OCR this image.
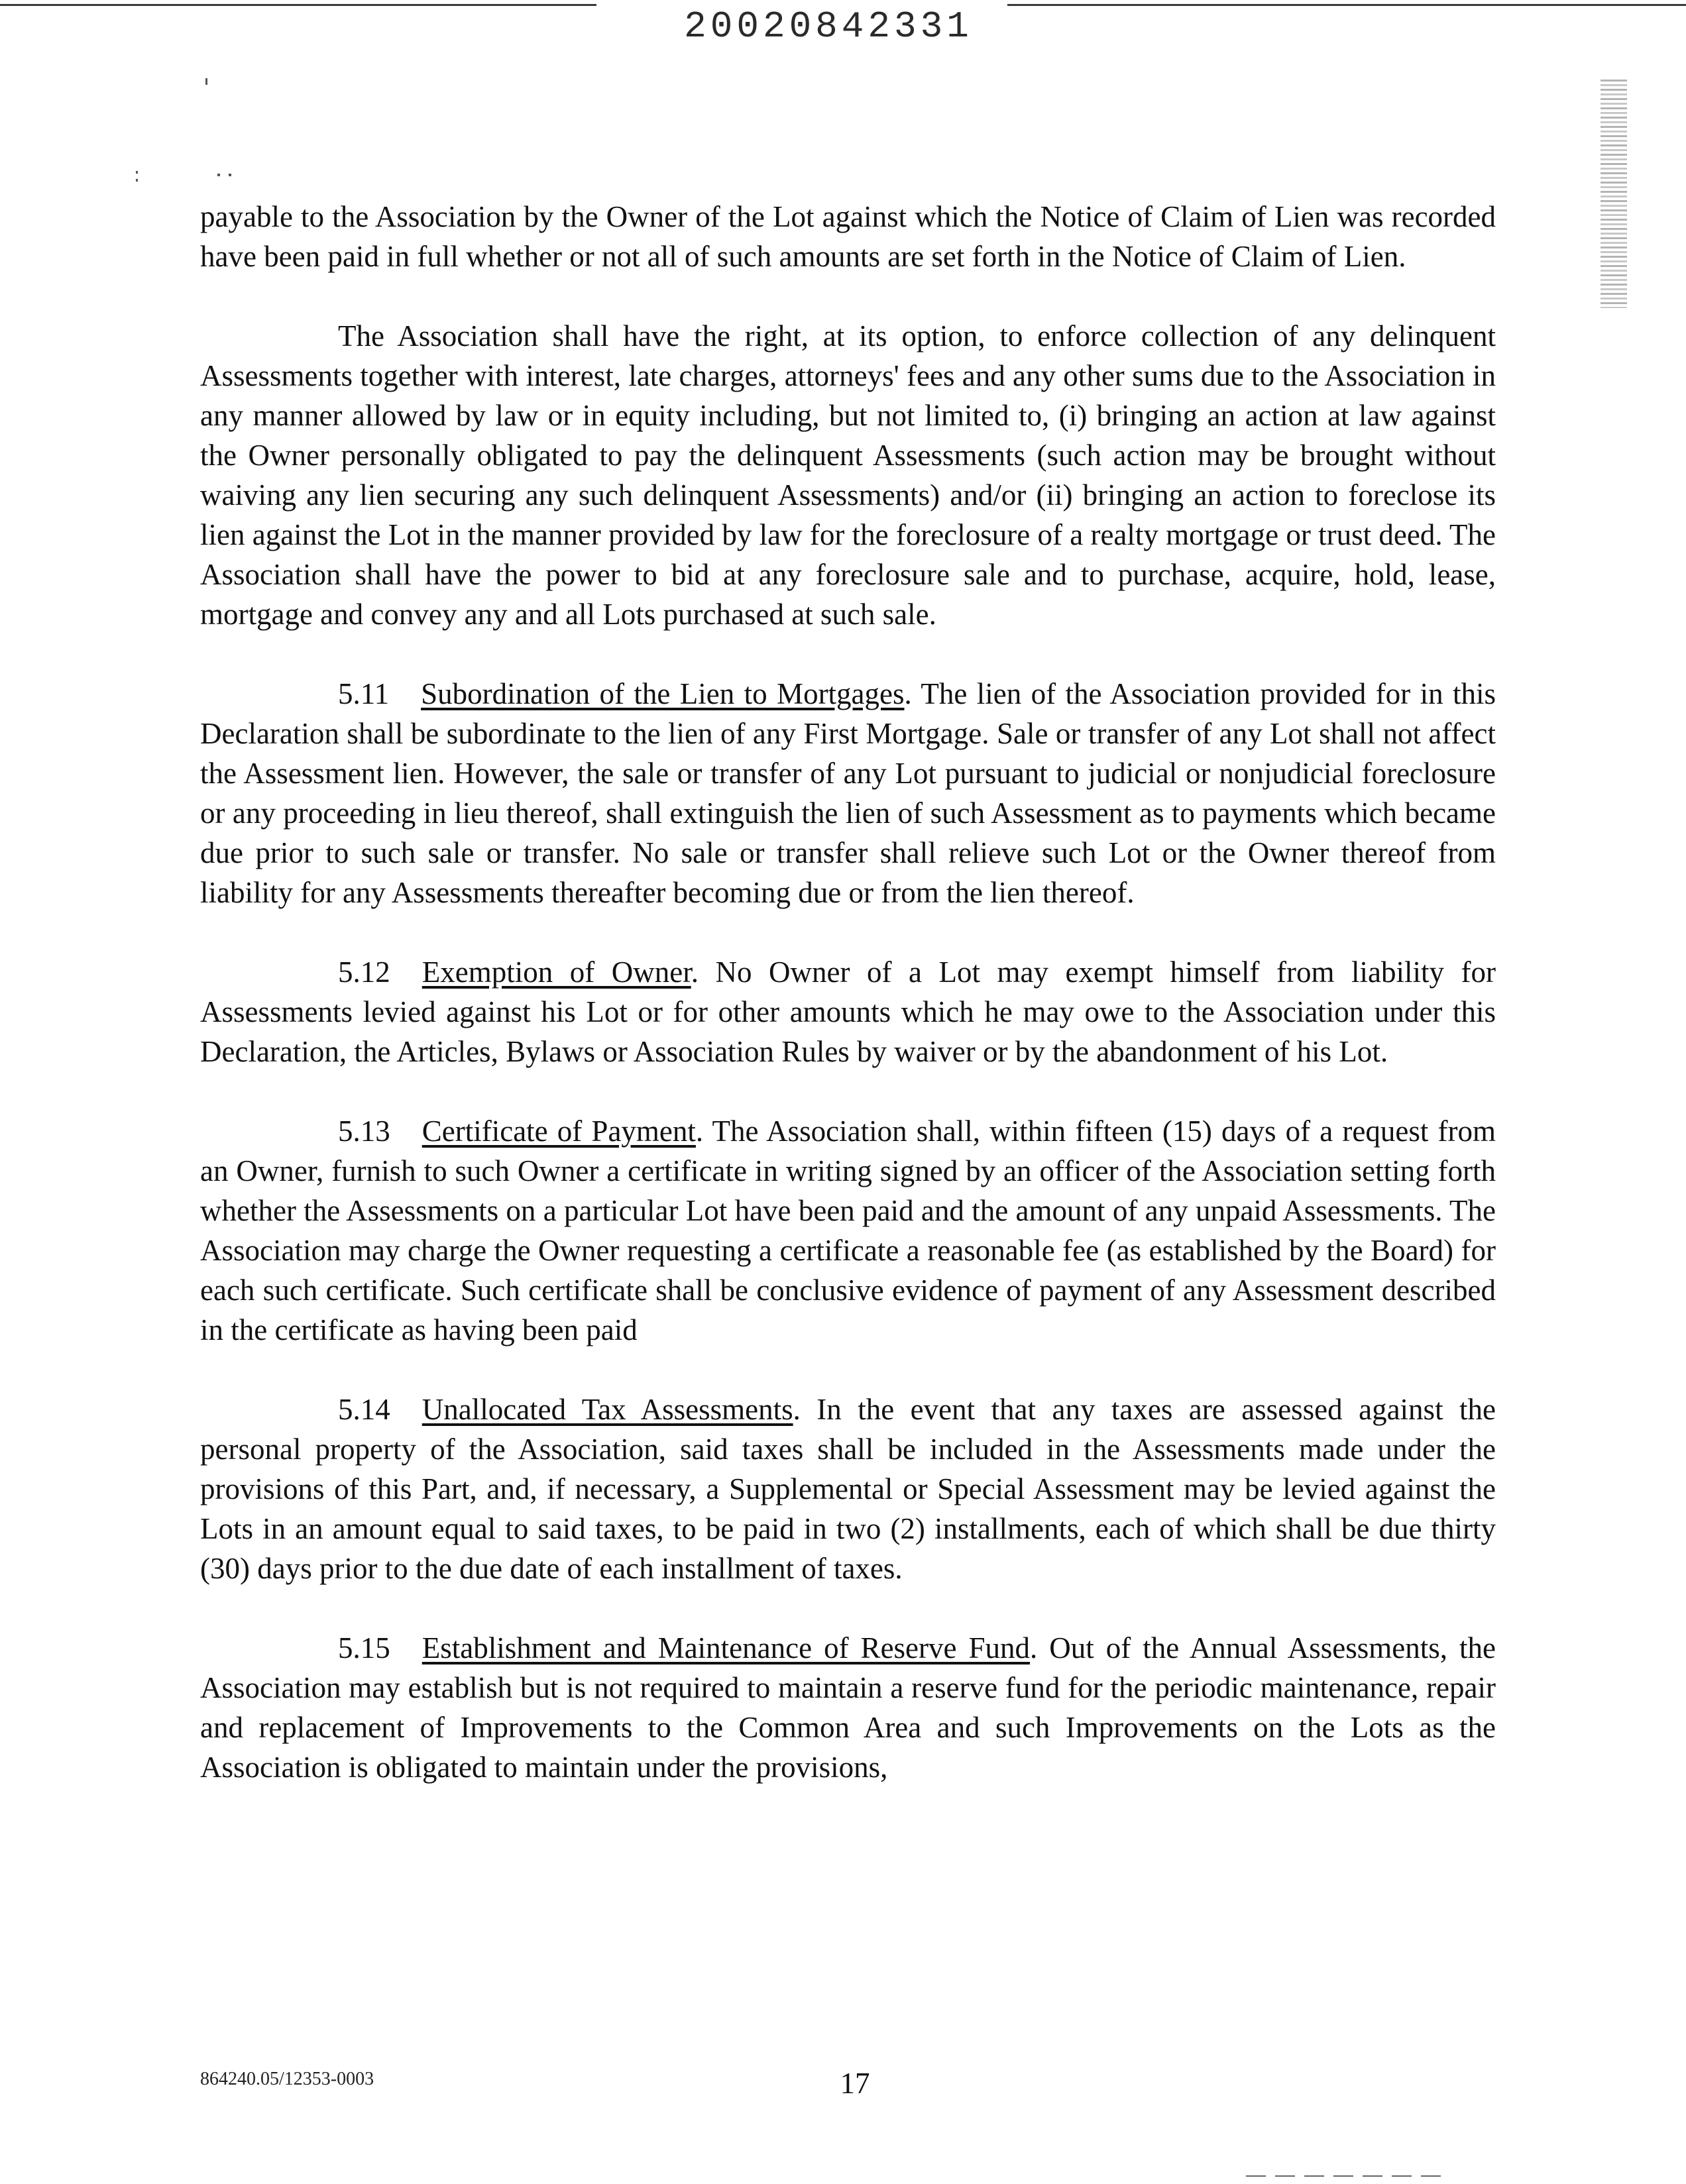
20020842331

payable to the Association by the Owner of the Lot against which the Notice of Claim of Lien was recorded have been paid in full whether or not all of such amounts are set forth in the Notice of Claim of Lien.

The Association shall have the right, at its option, to enforce collection of any delinquent Assessments together with interest, late charges, attorneys' fees and any other sums due to the Association in any manner allowed by law or in equity including, but not limited to, (i) bringing an action at law against the Owner personally obligated to pay the delinquent Assessments (such action may be brought without waiving any lien securing any such delinquent Assessments) and/or (ii) bringing an action to foreclose its lien against the Lot in the manner provided by law for the foreclosure of a realty mortgage or trust deed. The Association shall have the power to bid at any foreclosure sale and to purchase, acquire, hold, lease, mortgage and convey any and all Lots purchased at such sale.

5.11 Subordination of the Lien to Mortgages. The lien of the Association provided for in this Declaration shall be subordinate to the lien of any First Mortgage. Sale or transfer of any Lot shall not affect the Assessment lien. However, the sale or transfer of any Lot pursuant to judicial or nonjudicial foreclosure or any proceeding in lieu thereof, shall extinguish the lien of such Assessment as to payments which became due prior to such sale or transfer. No sale or transfer shall relieve such Lot or the Owner thereof from liability for any Assessments thereafter becoming due or from the lien thereof.

5.12 Exemption of Owner. No Owner of a Lot may exempt himself from liability for Assessments levied against his Lot or for other amounts which he may owe to the Association under this Declaration, the Articles, Bylaws or Association Rules by waiver or by the abandonment of his Lot.

5.13 Certificate of Payment. The Association shall, within fifteen (15) days of a request from an Owner, furnish to such Owner a certificate in writing signed by an officer of the Association setting forth whether the Assessments on a particular Lot have been paid and the amount of any unpaid Assessments. The Association may charge the Owner requesting a certificate a reasonable fee (as established by the Board) for each such certificate. Such certificate shall be conclusive evidence of payment of any Assessment described in the certificate as having been paid

5.14 Unallocated Tax Assessments. In the event that any taxes are assessed against the personal property of the Association, said taxes shall be included in the Assessments made under the provisions of this Part, and, if necessary, a Supplemental or Special Assessment may be levied against the Lots in an amount equal to said taxes, to be paid in two (2) installments, each of which shall be due thirty (30) days prior to the due date of each installment of taxes.

5.15 Establishment and Maintenance of Reserve Fund. Out of the Annual Assessments, the Association may establish but is not required to maintain a reserve fund for the periodic maintenance, repair and replacement of Improvements to the Common Area and such Improvements on the Lots as the Association is obligated to maintain under the provisions,

864240.05/12353-0003	17
